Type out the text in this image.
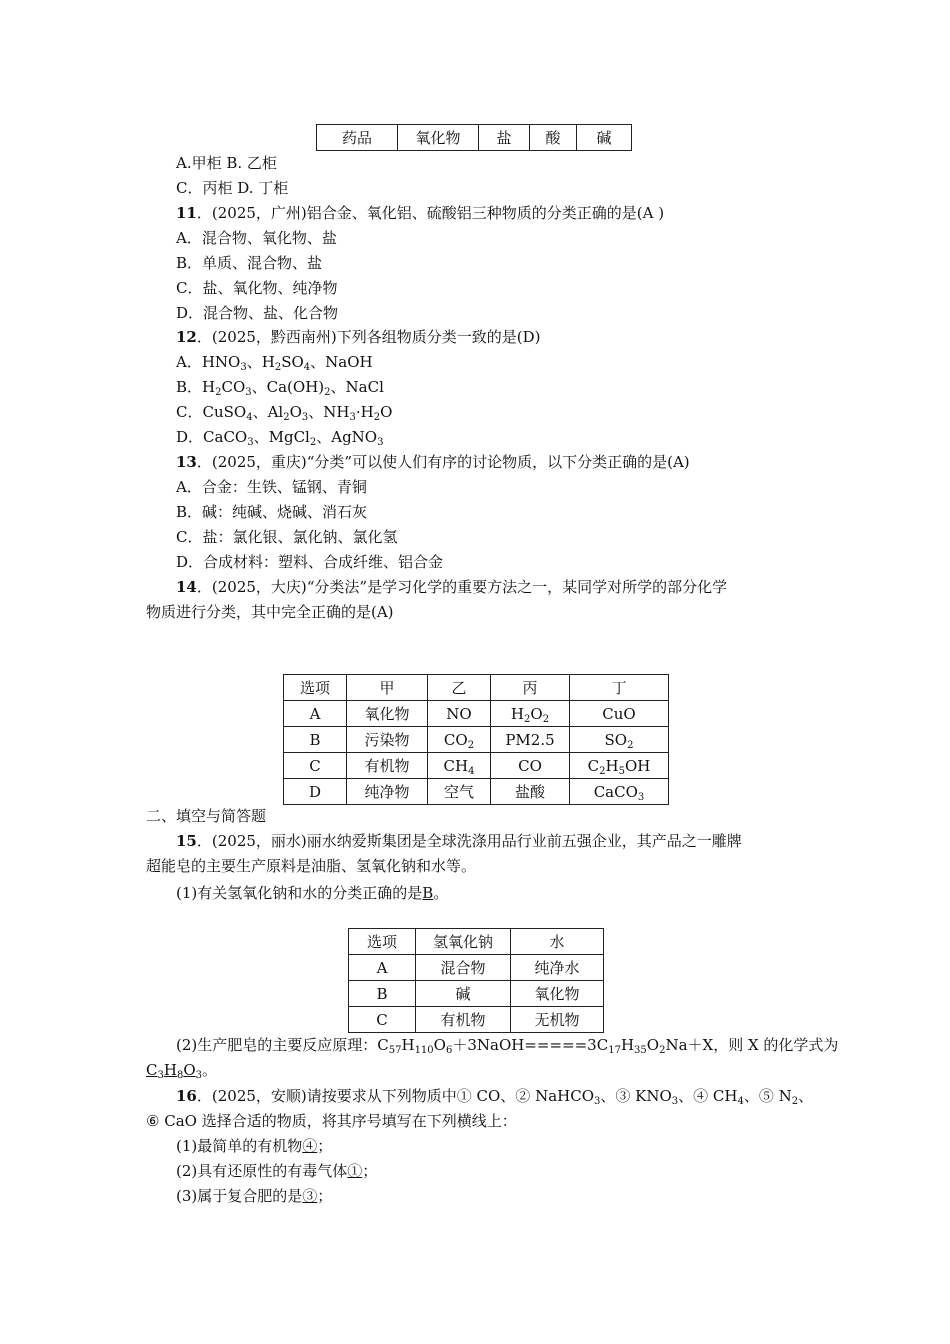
药品	氧化物	盐	酸	碱
A.甲柜 B. 乙柜
C．丙柜 D. 丁柜
11．(2025，广州)铝合金、氧化铝、硫酸铝三种物质的分类正确的是(A )
A．混合物、氧化物、盐
B．单质、混合物、盐
C．盐、氧化物、纯净物
D．混合物、盐、化合物
12．(2025，黔西南州)下列各组物质分类一致的是(D)
A．$HNO_3$、$H_2SO_4$、NaOH
B．$H_2CO_3$、$Ca(OH)_2$、NaCl
C．CuSO$_4$、$Al_2O_3$、$NH_3\cdot H_2O$
D．CaCO$_3$、MgCl$_2$、AgNO$_3$
13．(2025，重庆)“分类”可以使人们有序的讨论物质，以下分类正确的是(A)
A．合金：生铁、锰钢、青铜
B．碱：纯碱、烧碱、消石灰
C．盐：氯化银、氯化钠、氯化氢
D．合成材料：塑料、合成纤维、铝合金
14．(2025，大庆)“分类法”是学习化学的重要方法之一，某同学对所学的部分化学
物质进行分类，其中完全正确的是(A)
选项	甲	乙	丙	丁
A	氧化物	NO	$H_2O_2$	CuO
B	污染物	$CO_2$	PM2.5	$SO_2$
C	有机物	$CH_4$	CO	$C_2H_5OH$
D	纯净物	空气	盐酸	CaCO$_3$
二、填空与简答题
15．(2025，丽水)丽水纳爱斯集团是全球洗涤用品行业前五强企业，其产品之一雕牌
超能皂的主要生产原料是油脂、氢氧化钠和水等。
(1)有关氢氧化钠和水的分类正确的是B。
选项	氢氧化钠	水
A	混合物	纯净水
B	碱	氧化物
C	有机物	无机物
(2)生产肥皂的主要反应原理：$C_{57}H_{110}O_6+3NaOH=====3C_{17}H_{35}O_2Na+X$，则 X 的化学式为
$C_3H_8O_3$。
16．(2025，安顺)请按要求从下列物质中① CO、② NaHCO$_3$、③ $KNO_3$、④ $CH_4$、⑤ $N_2$、
⑥ CaO 选择合适的物质，将其序号填写在下列横线上：
(1)最简单的有机物④；
(2)具有还原性的有毒气体①；
(3)属于复合肥的是③；
